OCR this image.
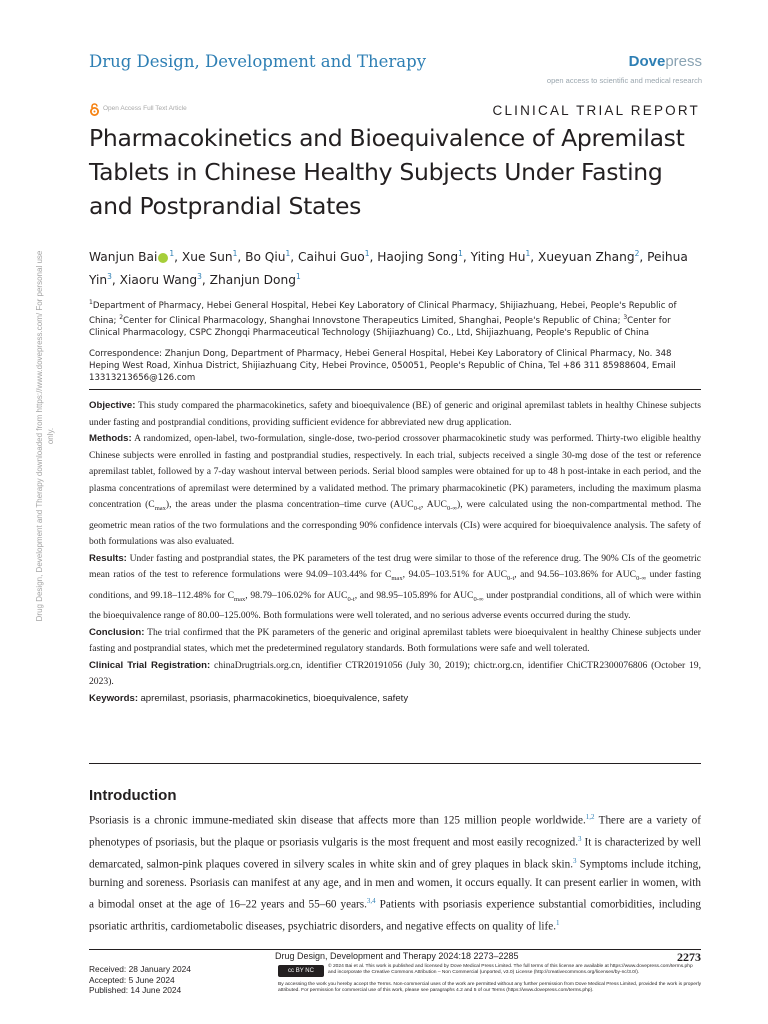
Drug Design, Development and Therapy	Dovepress
open access to scientific and medical research
Open Access Full Text Article	CLINICAL TRIAL REPORT
Pharmacokinetics and Bioequivalence of Apremilast Tablets in Chinese Healthy Subjects Under Fasting and Postprandial States
Wanjun Bai $^1$, Xue Sun$^1$, Bo Qiu$^1$, Caihui Guo$^1$, Haojing Song$^1$, Yiting Hu$^1$, Xueyuan Zhang$^2$, Peihua Yin$^3$, Xiaoru Wang$^3$, Zhanjun Dong$^1$
$^1$Department of Pharmacy, Hebei General Hospital, Hebei Key Laboratory of Clinical Pharmacy, Shijiazhuang, Hebei, People's Republic of China; $^2$Center for Clinical Pharmacology, Shanghai Innovstone Therapeutics Limited, Shanghai, People's Republic of China; $^3$Center for Clinical Pharmacology, CSPC Zhongqi Pharmaceutical Technology (Shijiazhuang) Co., Ltd, Shijiazhuang, People's Republic of China
Correspondence: Zhanjun Dong, Department of Pharmacy, Hebei General Hospital, Hebei Key Laboratory of Clinical Pharmacy, No. 348 Heping West Road, Xinhua District, Shijiazhuang City, Hebei Province, 050051, People's Republic of China, Tel +86 311 85988604, Email 13313213656@126.com

Objective: This study compared the pharmacokinetics, safety and bioequivalence (BE) of generic and original apremilast tablets in healthy Chinese subjects under fasting and postprandial conditions, providing sufficient evidence for abbreviated new drug application.

Methods: A randomized, open-label, two-formulation, single-dose, two-period crossover pharmacokinetic study was performed. Thirty-two eligible healthy Chinese subjects were enrolled in fasting and postprandial studies, respectively. In each trial, subjects received a single 30-mg dose of the test or reference apremilast tablet, followed by a 7-day washout interval between periods. Serial blood samples were obtained for up to 48 h post-intake in each period, and the plasma concentrations of apremilast were determined by a validated method. The primary pharmacokinetic (PK) parameters, including the maximum plasma concentration $(C_{max})$, the areas under the plasma concentration–time curve ($AUC_{0-t}$, $AUC_{0-\infty}$), were calculated using the non-compartmental method. The geometric mean ratios of the two formulations and the corresponding 90% confidence intervals (CIs) were acquired for bioequivalence analysis. The safety of both formulations was also evaluated.

Results: Under fasting and postprandial states, the PK parameters of the test drug were similar to those of the reference drug. The 90% CIs of the geometric mean ratios of the test to reference formulations were 94.09–103.44% for $C_{max}$, 94.05–103.51% for $AUC_{0-t}$, and 94.56–103.86% for $AUC_{0-\infty}$ under fasting conditions, and 99.18–112.48% for $C_{max}$, 98.79–106.02% for $AUC_{0-t}$, and 98.95–105.89% for $AUC_{0-\infty}$ under postprandial conditions, all of which were within the bioequivalence range of 80.00–125.00%. Both formulations were well tolerated, and no serious adverse events occurred during the study.

Conclusion: The trial confirmed that the PK parameters of the generic and original apremilast tablets were bioequivalent in healthy Chinese subjects under fasting and postprandial states, which met the predetermined regulatory standards. Both formulations were safe and well tolerated.

Clinical Trial Registration: chinaDrugtrials.org.cn, identifier CTR20191056 (July 30, 2019); chictr.org.cn, identifier ChiCTR2300076806 (October 19, 2023).

Keywords: apremilast, psoriasis, pharmacokinetics, bioequivalence, safety

Introduction
Psoriasis is a chronic immune-mediated skin disease that affects more than 125 million people worldwide.$^{1,2}$ There are a variety of phenotypes of psoriasis, but the plaque or psoriasis vulgaris is the most frequent and most easily recognized.$^3$ It is characterized by well demarcated, salmon-pink plaques covered in silvery scales in white skin and of grey plaques in black skin.$^3$ Symptoms include itching, burning and soreness. Psoriasis can manifest at any age, and in men and women, it occurs equally. It can present earlier in women, with a bimodal onset at the age of 16–22 years and 55–60 years.$^{3,4}$ Patients with psoriasis experience substantial comorbidities, including psoriatic arthritis, cardiometabolic diseases, psychiatric disorders, and negative effects on quality of life.$^1$
Drug Design, Development and Therapy downloaded from https://www.dovepress.com/ For personal use only.
Received: 28 January 2024
Accepted: 5 June 2024
Published: 14 June 2024
Drug Design, Development and Therapy 2024:18 2273–2285	2273
cc BY NC
© 2024 Bai et al. This work is published and licensed by Dove Medical Press Limited. The full terms of this license are available at https://www.dovepress.com/terms.php and incorporate the Creative Commons Attribution – Non Commercial (unported, v3.0) License (http://creativecommons.org/licenses/by-nc/3.0/).
By accessing the work you hereby accept the Terms. Non-commercial uses of the work are permitted without any further permission from Dove Medical Press Limited, provided the work is properly attributed. For permission for commercial use of this work, please see paragraphs 4.2 and 5 of our Terms (https://www.dovepress.com/terms.php).
